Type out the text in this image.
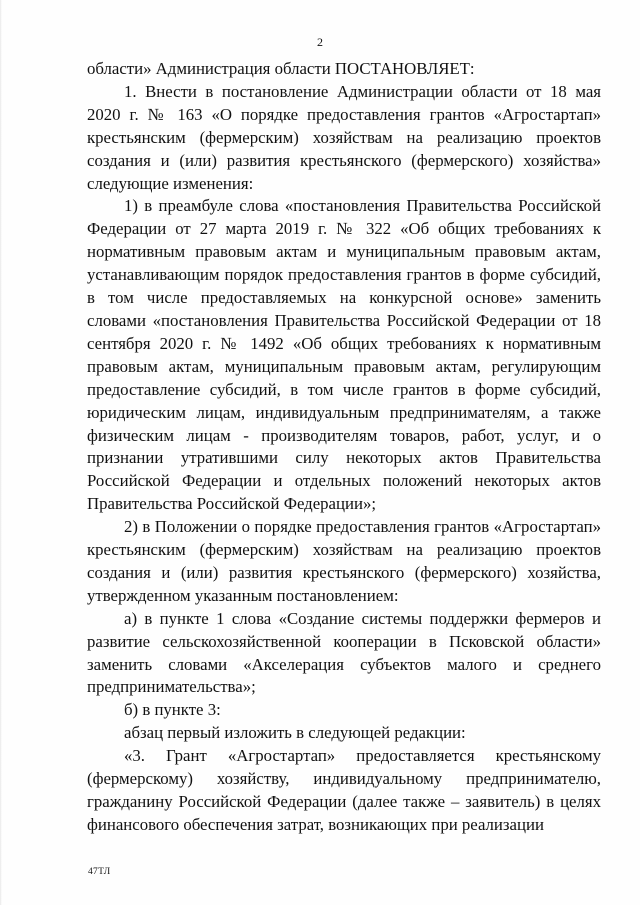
2

области» Администрация области ПОСТАНОВЛЯЕТ:

1. Внести в постановление Администрации области от 18 мая 2020 г. № 163 «О порядке предоставления грантов «Агростартап» крестьянским (фермерским) хозяйствам на реализацию проектов создания и (или) развития крестьянского (фермерского) хозяйства» следующие изменения:

1) в преамбуле слова «постановления Правительства Российской Федерации от 27 марта 2019 г. № 322 «Об общих требованиях к нормативным правовым актам и муниципальным правовым актам, устанавливающим порядок предоставления грантов в форме субсидий, в том числе предоставляемых на конкурсной основе» заменить словами «постановления Правительства Российской Федерации от 18 сентября 2020 г. № 1492 «Об общих требованиях к нормативным правовым актам, муниципальным правовым актам, регулирующим предоставление субсидий, в том числе грантов в форме субсидий, юридическим лицам, индивидуальным предпринимателям, а также физическим лицам - производителям товаров, работ, услуг, и о признании утратившими силу некоторых актов Правительства Российской Федерации и отдельных положений некоторых актов Правительства Российской Федерации»;

2) в Положении о порядке предоставления грантов «Агростартап» крестьянским (фермерским) хозяйствам на реализацию проектов создания и (или) развития крестьянского (фермерского) хозяйства, утвержденном указанным постановлением:

а) в пункте 1 слова «Создание системы поддержки фермеров и развитие сельскохозяйственной кооперации в Псковской области» заменить словами «Акселерация субъектов малого и среднего предпринимательства»;

б) в пункте 3:

абзац первый изложить в следующей редакции:

«3. Грант «Агростартап» предоставляется крестьянскому (фермерскому) хозяйству, индивидуальному предпринимателю, гражданину Российской Федерации (далее также – заявитель) в целях финансового обеспечения затрат, возникающих при реализации

47ТЛ
